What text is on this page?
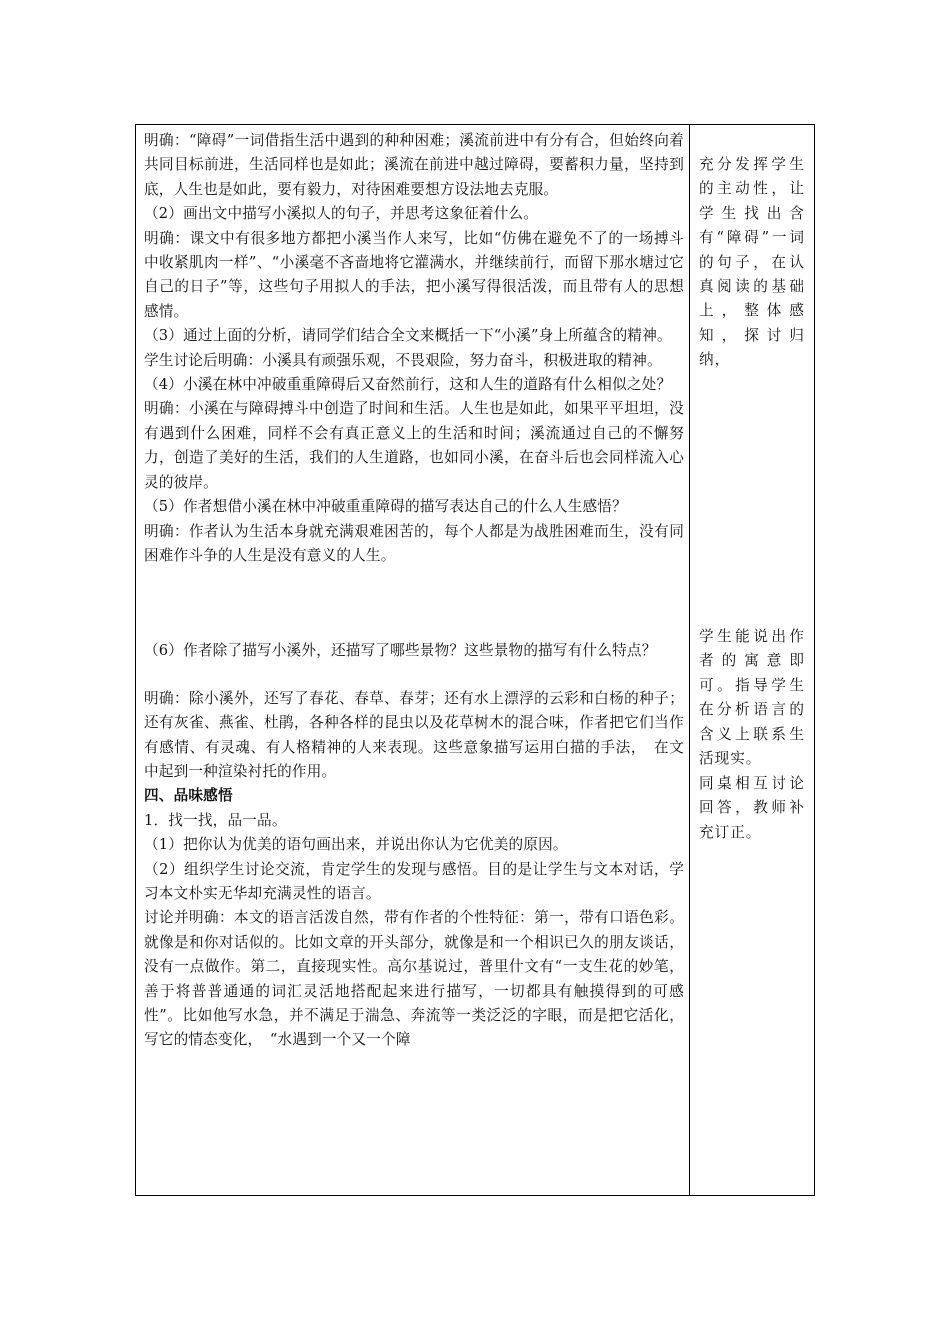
明确：“障碍”一词借指生活中遇到的种种困难；溪流前进中有分有合，但始终向着共同目标前进，生活同样也是如此；溪流在前进中越过障碍，要蓄积力量，坚持到底，人生也是如此，要有毅力，对待困难要想方设法地去克服。

（2）画出文中描写小溪拟人的句子，并思考这象征着什么。

明确：课文中有很多地方都把小溪当作人来写，比如“仿佛在避免不了的一场搏斗中收紧肌肉一样”、“小溪毫不吝啬地将它灌满水，并继续前行，而留下那水塘过它自己的日子”等，这些句子用拟人的手法，把小溪写得很活泼，而且带有人的思想感情。

（3）通过上面的分析，请同学们结合全文来概括一下“小溪”身上所蕴含的精神。

学生讨论后明确：小溪具有顽强乐观，不畏艰险，努力奋斗，积极进取的精神。

（4）小溪在林中冲破重重障碍后又奋然前行，这和人生的道路有什么相似之处？

明确：小溪在与障碍搏斗中创造了时间和生活。人生也是如此，如果平平坦坦，没有遇到什么困难，同样不会有真正意义上的生活和时间；溪流通过自己的不懈努力，创造了美好的生活，我们的人生道路，也如同小溪，在奋斗后也会同样流入心灵的彼岸。

（5）作者想借小溪在林中冲破重重障碍的描写表达自己的什么人生感悟？

明确：作者认为生活本身就充满艰难困苦的，每个人都是为战胜困难而生，没有同困难作斗争的人生是没有意义的人生。

（6）作者除了描写小溪外，还描写了哪些景物？这些景物的描写有什么特点？

明确：除小溪外，还写了春花、春草、春芽；还有水上漂浮的云彩和白杨的种子；还有灰雀、燕雀、杜鹃，各种各样的昆虫以及花草树木的混合味，作者把它们当作有感情、有灵魂、有人格精神的人来表现。这些意象描写运用白描的手法，　在文中起到一种渲染衬托的作用。

四、品味感悟

1．找一找，品一品。

（1）把你认为优美的语句画出来，并说出你认为它优美的原因。

（2）组织学生讨论交流，肯定学生的发现与感悟。目的是让学生与文本对话，学习本文朴实无华却充满灵性的语言。

讨论并明确：本文的语言活泼自然，带有作者的个性特征：第一，带有口语色彩。就像是和你对话似的。比如文章的开头部分，就像是和一个相识已久的朋友谈话，没有一点做作。第二，直接现实性。高尔基说过，普里什文有“一支生花的妙笔，善于将普普通通的词汇灵活地搭配起来进行描写，一切都具有触摸得到的可感性”。比如他写水急，并不满足于湍急、奔流等一类泛泛的字眼，而是把它活化，写它的情态变化，　“水遇到一个又一个障

充分发挥学生的主动性，让学生找出含有“障碍”一词的句子，在认真阅读的基础上，整体感知，探讨归纳，
学生能说出作者的寓意即可。指导学生在分析语言的含义上联系生活现实。
同桌相互讨论回答，教师补充订正。
